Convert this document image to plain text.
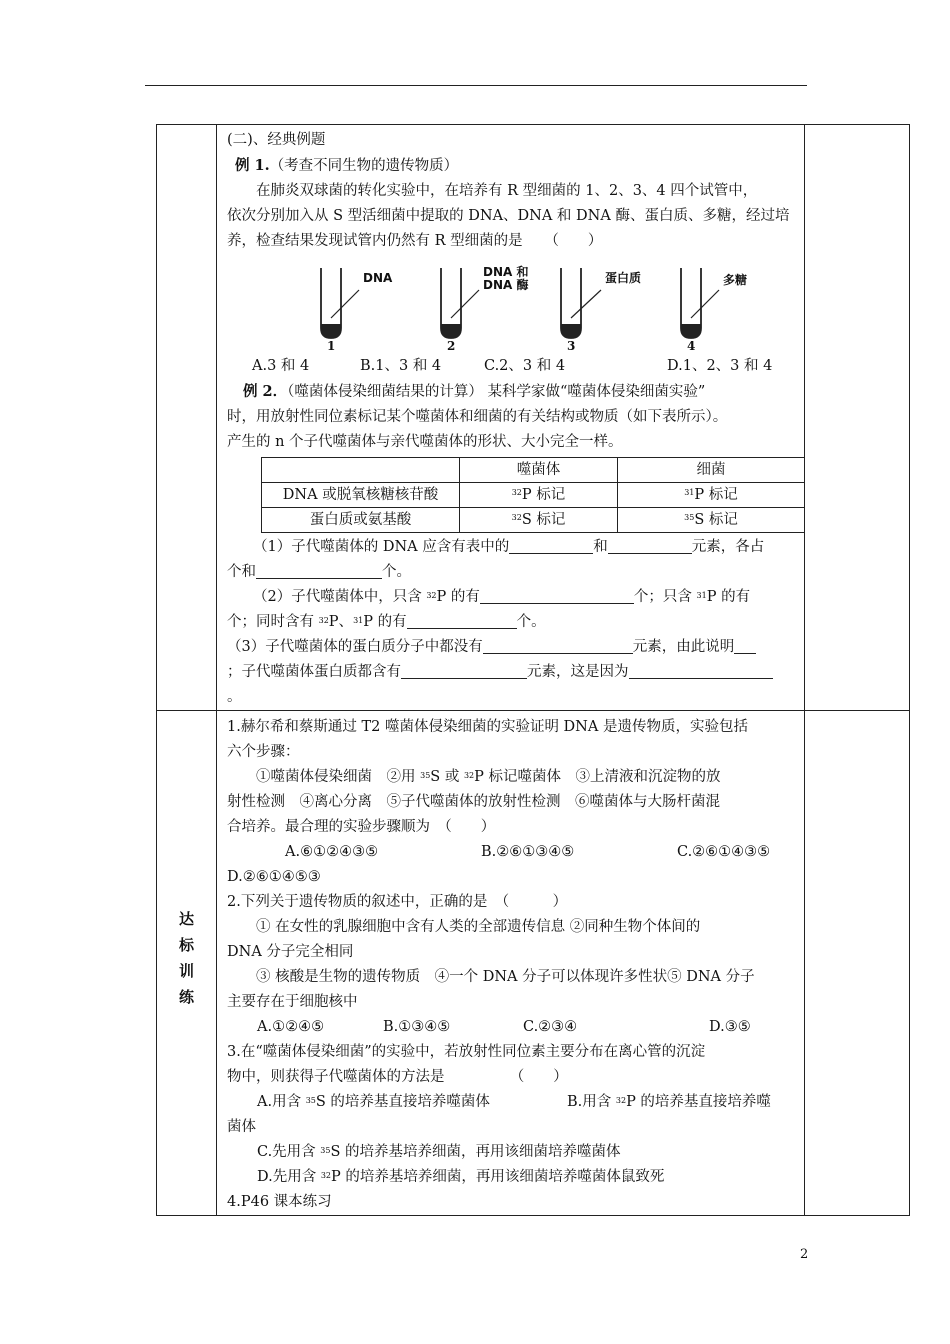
(二)、经典例题

例 1.（考查不同生物的遗传物质）

在肺炎双球菌的转化实验中，在培养有 R 型细菌的 1、2、3、4 四个试管中，

依次分别加入从 S 型活细菌中提取的 DNA、DNA 和 DNA 酶、蛋白质、多糖，经过培

养，检查结果发现试管内仍然有 R 型细菌的是　　（　　）

DNA	DNA 和
DNA 酶	蛋白质	多糖
1	2	3	4

A.3 和 4	B.1、3 和 4	C.2、3 和 4	D.1、2、3 和 4

例 2．（噬菌体侵染细菌结果的计算） 某科学家做“噬菌体侵染细菌实验”

时，用放射性同位素标记某个噬菌体和细菌的有关结构或物质（如下表所示）。

产生的 n 个子代噬菌体与亲代噬菌体的形状、大小完全一样。

	噬菌体	细菌
DNA 或脱氧核糖核苷酸	$^{32}$P 标记	$^{31}$P 标记
蛋白质或氨基酸	$^{32}$S 标记	$^{35}$S 标记

（1）子代噬菌体的 DNA 应含有表中的	和	元素，各占

个和	个。

（2）子代噬菌体中，只含 $^{32}$P 的有	个；只含 $^{31}$P 的有

个；同时含有 $^{32}$P、$^{31}$P 的有	个。

（3）子代噬菌体的蛋白质分子中都没有	元素，由此说明

；子代噬菌体蛋白质都含有	元素，这是因为

。

达
标
训
练

1.赫尔希和蔡斯通过 T2 噬菌体侵染细菌的实验证明 DNA 是遗传物质，实验包括

六个步骤：

①噬菌体侵染细菌　②用 $^{35}$S 或 $^{32}$P 标记噬菌体　③上清液和沉淀物的放

射性检测　④离心分离　⑤子代噬菌体的放射性检测　⑥噬菌体与大肠杆菌混

合培养。最合理的实验步骤顺为　（　　）

A.⑥①②④③⑤	B.②⑥①③④⑤	C.②⑥①④③⑤

D.②⑥①④⑤③

2.下列关于遗传物质的叙述中，正确的是　（　　　）

① 在女性的乳腺细胞中含有人类的全部遗传信息 ②同种生物个体间的

DNA 分子完全相同

③ 核酸是生物的遗传物质　④一个 DNA 分子可以体现许多性状⑤ DNA 分子

主要存在于细胞核中

A.①②④⑤	B.①③④⑤	C.②③④	D.③⑤

3.在“噬菌体侵染细菌”的实验中，若放射性同位素主要分布在离心管的沉淀

物中，则获得子代噬菌体的方法是　　　　　（　　）

A.用含 $^{35}$S 的培养基直接培养噬菌体	B.用含 $^{32}$P 的培养基直接培养噬

菌体

C.先用含 $^{35}$S 的培养基培养细菌，再用该细菌培养噬菌体

D.先用含 $^{32}$P 的培养基培养细菌，再用该细菌培养噬菌体鼠致死

4.P46 课本练习

2
